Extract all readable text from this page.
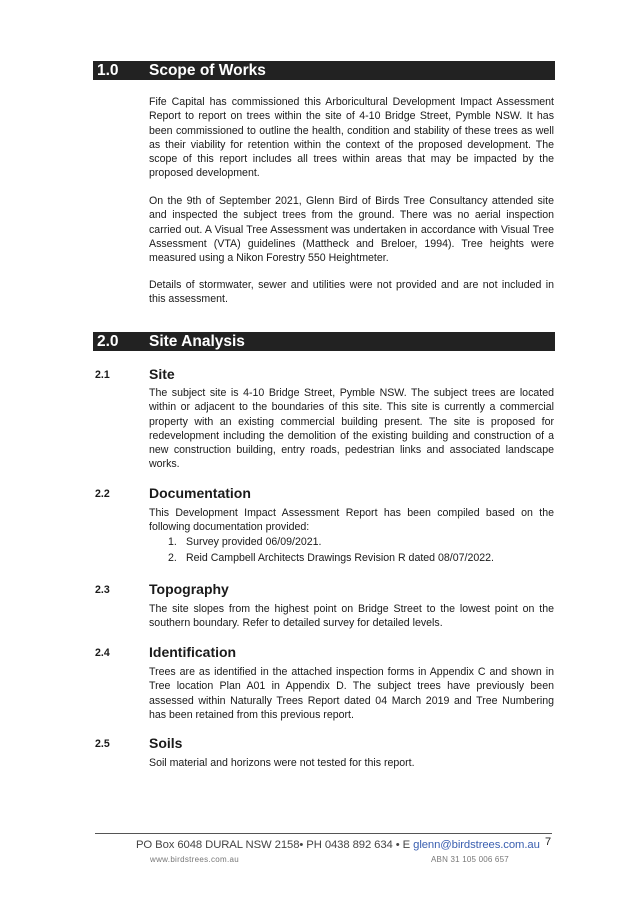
1.0 Scope of Works

Fife Capital has commissioned this Arboricultural Development Impact Assessment Report to report on trees within the site of 4-10 Bridge Street, Pymble NSW. It has been commissioned to outline the health, condition and stability of these trees as well as their viability for retention within the context of the proposed development. The scope of this report includes all trees within areas that may be impacted by the proposed development.

On the 9th of September 2021, Glenn Bird of Birds Tree Consultancy attended site and inspected the subject trees from the ground. There was no aerial inspection carried out. A Visual Tree Assessment was undertaken in accordance with Visual Tree Assessment (VTA) guidelines (Mattheck and Breloer, 1994). Tree heights were measured using a Nikon Forestry 550 Heightmeter.

Details of stormwater, sewer and utilities were not provided and are not included in this assessment.

2.0 Site Analysis
2.1	Site

The subject site is 4-10 Bridge Street, Pymble NSW. The subject trees are located within or adjacent to the boundaries of this site. This site is currently a commercial property with an existing commercial building present. The site is proposed for redevelopment including the demolition of the existing building and construction of a new construction building, entry roads, pedestrian links and associated landscape works.

2.2	Documentation

This Development Impact Assessment Report has been compiled based on the following documentation provided:

1. Survey provided 06/09/2021.
2. Reid Campbell Architects Drawings Revision R dated 08/07/2022.
2.3	Topography

The site slopes from the highest point on Bridge Street to the lowest point on the southern boundary. Refer to detailed survey for detailed levels.

2.4	Identification

Trees are as identified in the attached inspection forms in Appendix C and shown in Tree location Plan A01 in Appendix D. The subject trees have previously been assessed within Naturally Trees Report dated 04 March 2019 and Tree Numbering has been retained from this previous report.

2.5	Soils

Soil material and horizons were not tested for this report.

PO Box 6048 DURAL NSW 2158• PH 0438 892 634 • E glenn@birdstrees.com.au
www.birdstrees.com.au	ABN 31 105 006 657
7
